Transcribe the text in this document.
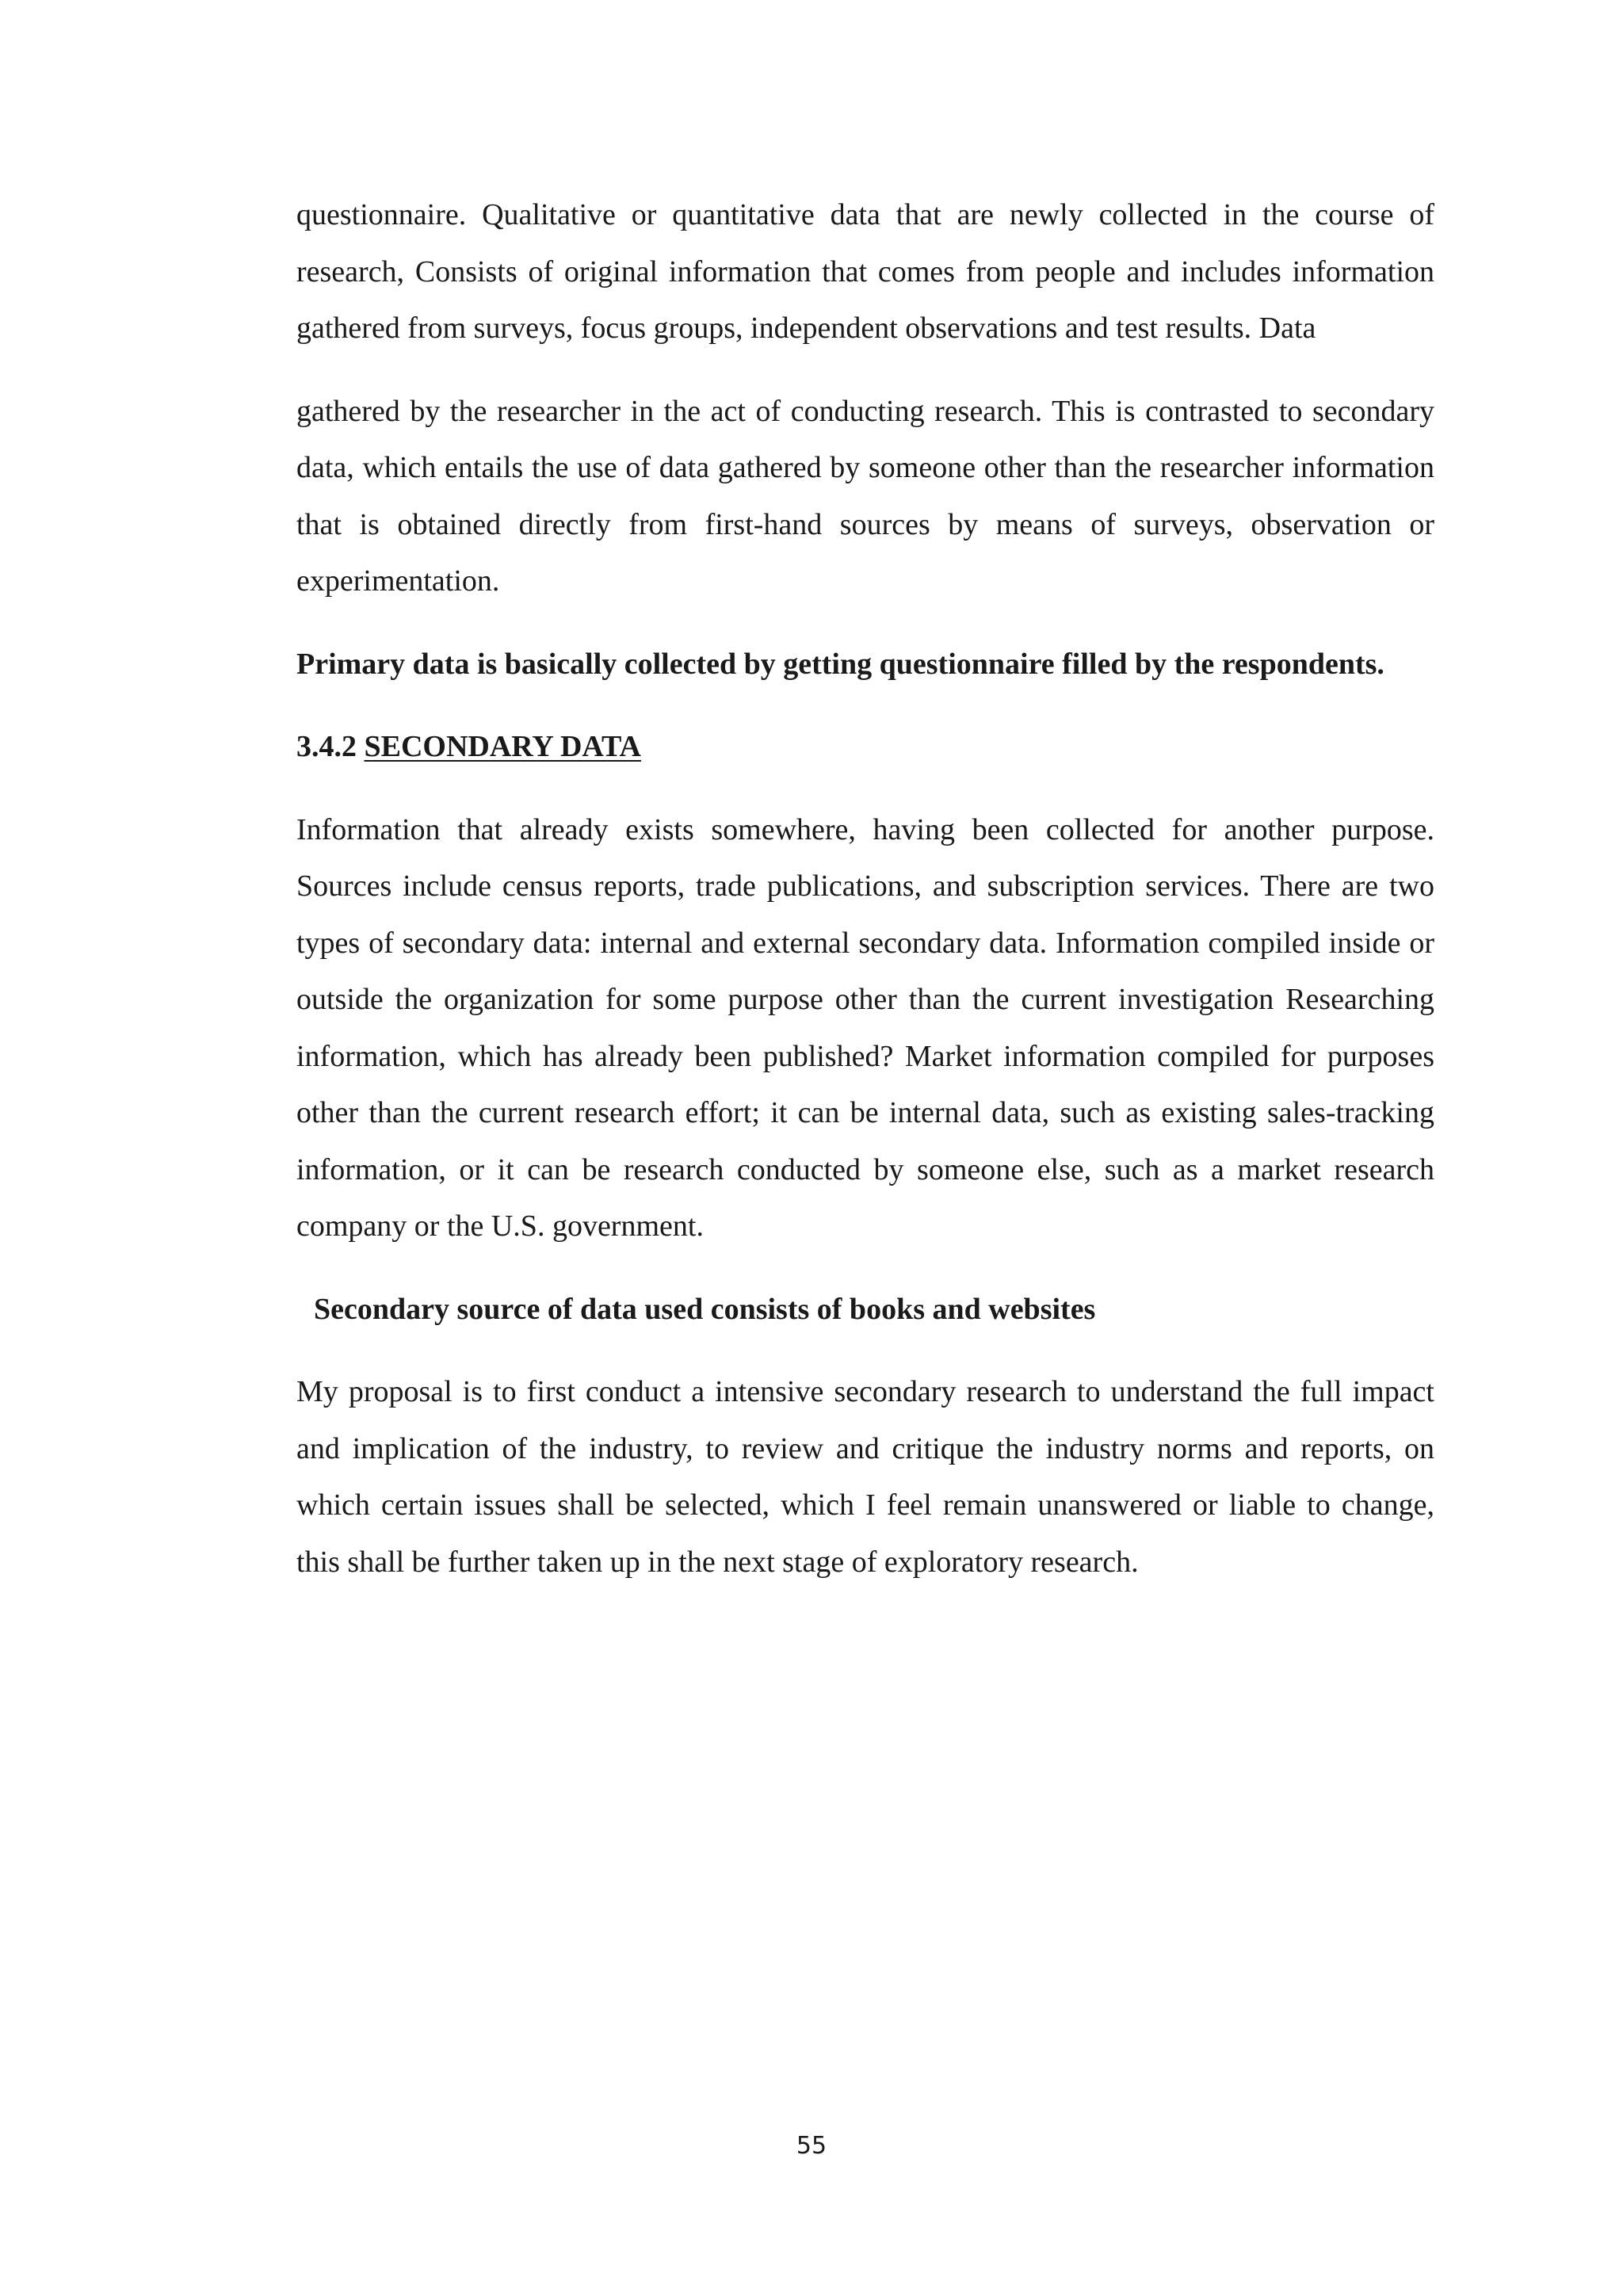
questionnaire. Qualitative or quantitative data that are newly collected in the course of research, Consists of original information that comes from people and includes information gathered from surveys, focus groups, independent observations and test results. Data

gathered by the researcher in the act of conducting research. This is contrasted to secondary data, which entails the use of data gathered by someone other than the researcher information that is obtained directly from first-hand sources by means of surveys, observation or experimentation.

Primary data is basically collected by getting questionnaire filled by the respondents.

3.4.2 SECONDARY DATA

Information that already exists somewhere, having been collected for another purpose. Sources include census reports, trade publications, and subscription services. There are two types of secondary data: internal and external secondary data. Information compiled inside or outside the organization for some purpose other than the current investigation Researching information, which has already been published? Market information compiled for purposes other than the current research effort; it can be internal data, such as existing sales-tracking information, or it can be research conducted by someone else, such as a market research company or the U.S. government.

Secondary source of data used consists of books and websites

My proposal is to first conduct a intensive secondary research to understand the full impact and implication of the industry, to review and critique the industry norms and reports, on which certain issues shall be selected, which I feel remain unanswered or liable to change, this shall be further taken up in the next stage of exploratory research.

55
